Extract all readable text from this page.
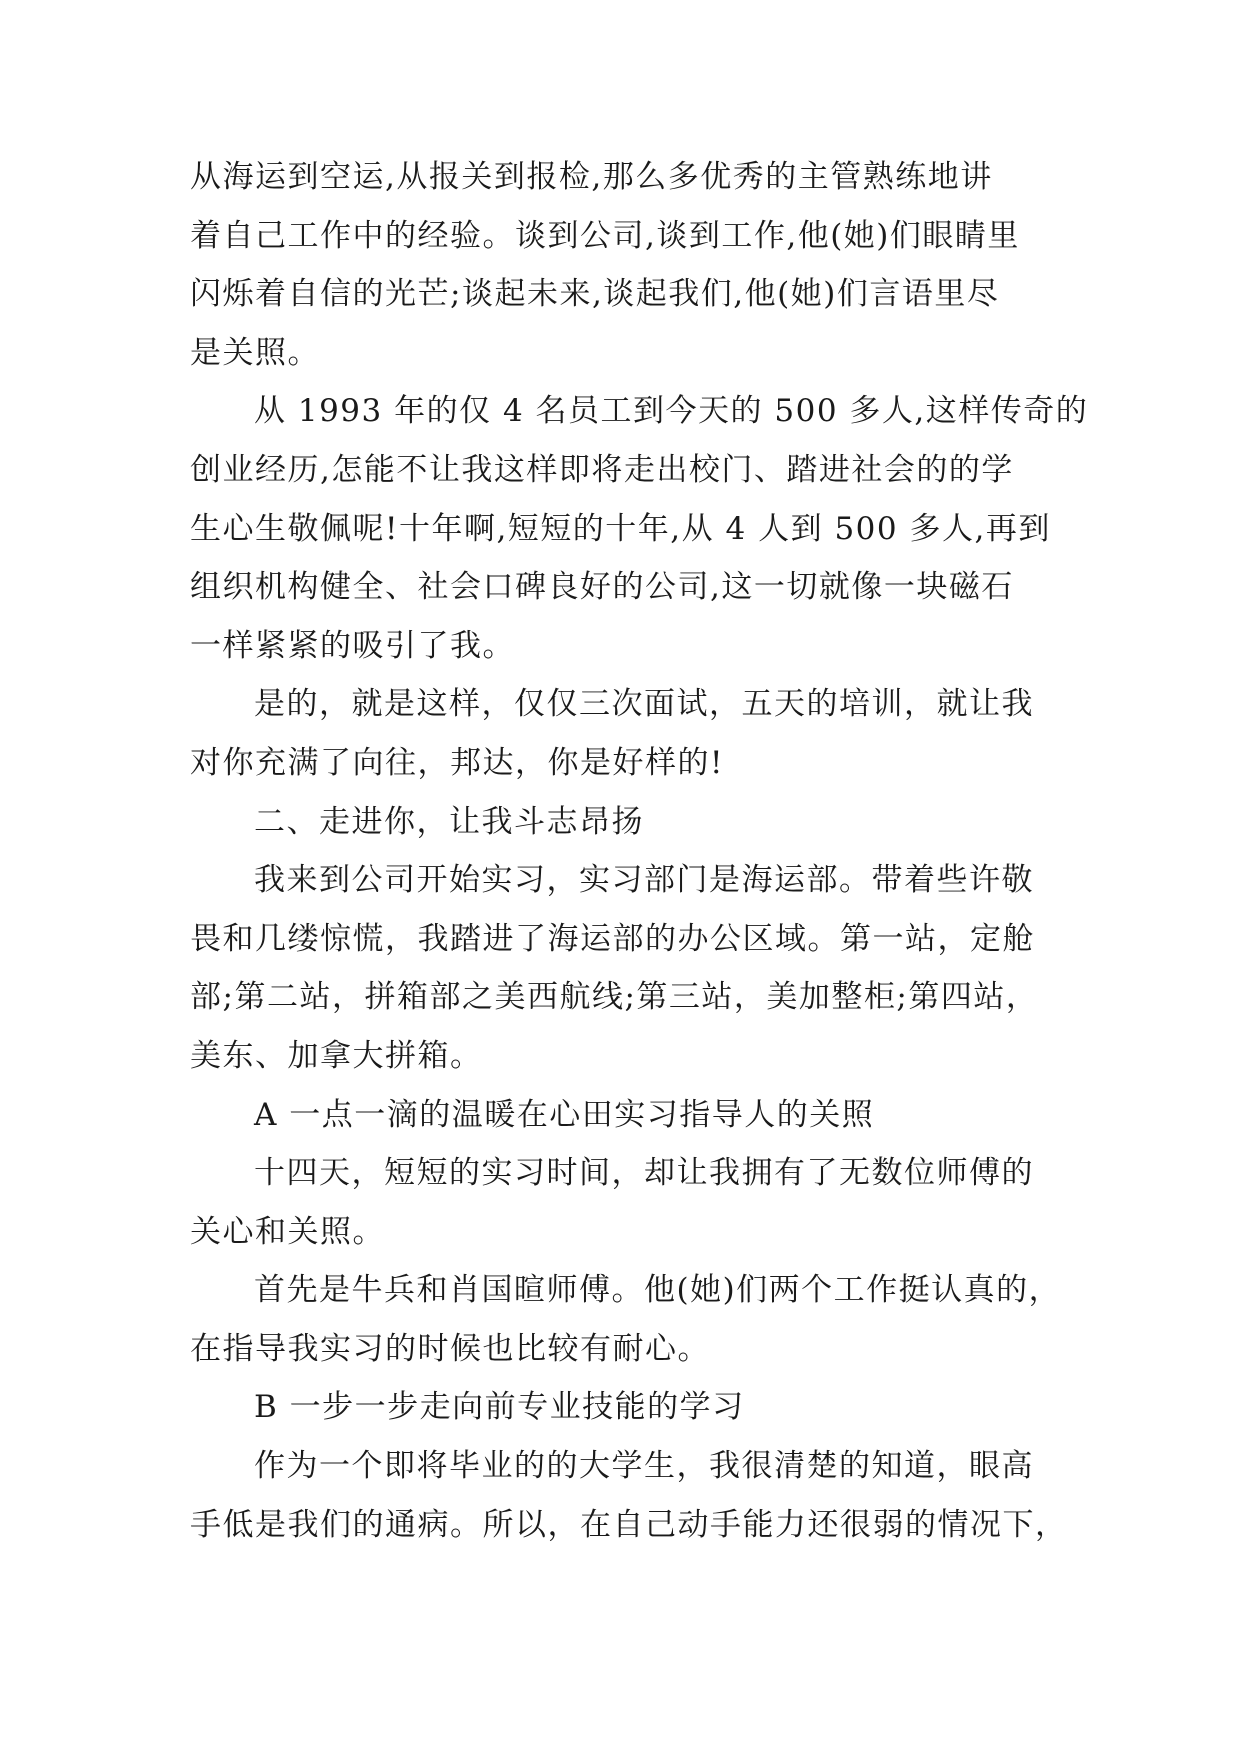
从海运到空运,从报关到报检,那么多优秀的主管熟练地讲
着自己工作中的经验。谈到公司,谈到工作,他(她)们眼睛里
闪烁着自信的光芒;谈起未来,谈起我们,他(她)们言语里尽
是关照。
从 1993 年的仅 4 名员工到今天的 500 多人,这样传奇的
创业经历,怎能不让我这样即将走出校门、踏进社会的的学
生心生敬佩呢!十年啊,短短的十年,从 4 人到 500 多人,再到
组织机构健全、社会口碑良好的公司,这一切就像一块磁石
一样紧紧的吸引了我。
是的，就是这样，仅仅三次面试，五天的培训，就让我
对你充满了向往，邦达，你是好样的!
二、走进你，让我斗志昂扬
我来到公司开始实习，实习部门是海运部。带着些许敬
畏和几缕惊慌，我踏进了海运部的办公区域。第一站，定舱
部;第二站，拼箱部之美西航线;第三站，美加整柜;第四站，
美东、加拿大拼箱。
A 一点一滴的温暖在心田实习指导人的关照
十四天，短短的实习时间，却让我拥有了无数位师傅的
关心和关照。
首先是牛兵和肖国暄师傅。他(她)们两个工作挺认真的，
在指导我实习的时候也比较有耐心。
B 一步一步走向前专业技能的学习
作为一个即将毕业的的大学生，我很清楚的知道，眼高
手低是我们的通病。所以，在自己动手能力还很弱的情况下，
